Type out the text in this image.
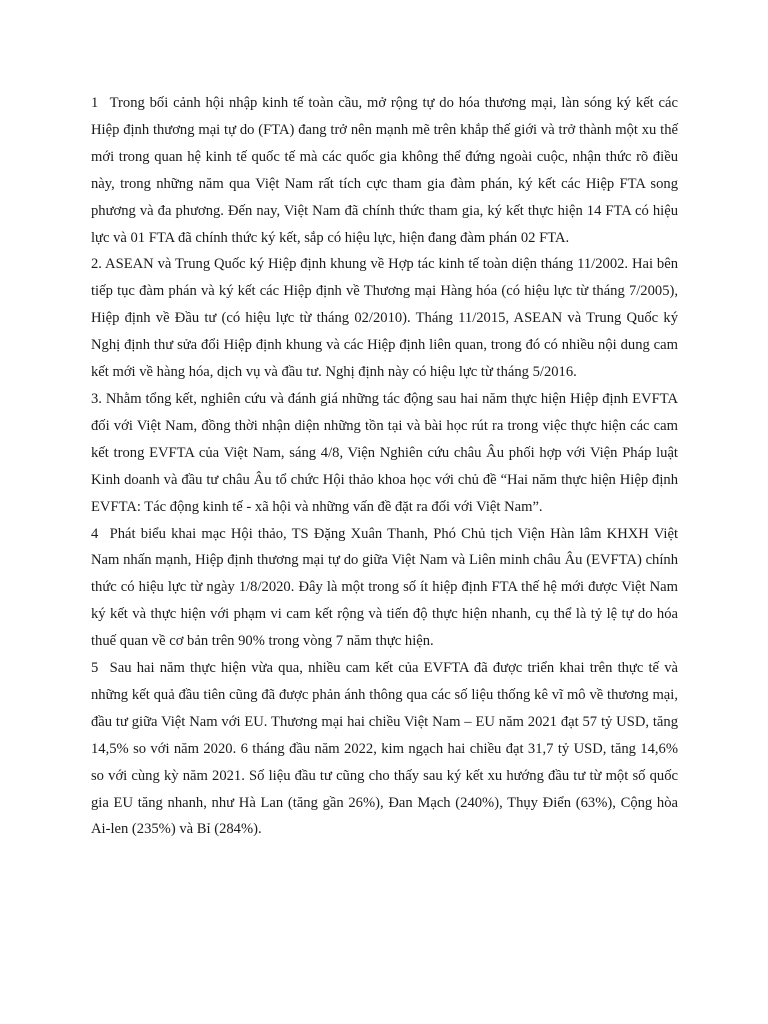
1 Trong bối cảnh hội nhập kinh tế toàn cầu, mở rộng tự do hóa thương mại, làn sóng ký kết các Hiệp định thương mại tự do (FTA) đang trở nên mạnh mẽ trên khắp thế giới và trở thành một xu thế mới trong quan hệ kinh tế quốc tế mà các quốc gia không thể đứng ngoài cuộc, nhận thức rõ điều này, trong những năm qua Việt Nam rất tích cực tham gia đàm phán, ký kết các Hiệp FTA song phương và đa phương. Đến nay, Việt Nam đã chính thức tham gia, ký kết thực hiện 14 FTA có hiệu lực và 01 FTA đã chính thức ký kết, sắp có hiệu lực, hiện đang đàm phán 02 FTA.

2. ASEAN và Trung Quốc ký Hiệp định khung về Hợp tác kinh tế toàn diện tháng 11/2002. Hai bên tiếp tục đàm phán và ký kết các Hiệp định về Thương mại Hàng hóa (có hiệu lực từ tháng 7/2005), Hiệp định về Đầu tư (có hiệu lực từ tháng 02/2010). Tháng 11/2015, ASEAN và Trung Quốc ký Nghị định thư sửa đổi Hiệp định khung và các Hiệp định liên quan, trong đó có nhiều nội dung cam kết mới về hàng hóa, dịch vụ và đầu tư. Nghị định này có hiệu lực từ tháng 5/2016.

3. Nhằm tổng kết, nghiên cứu và đánh giá những tác động sau hai năm thực hiện Hiệp định EVFTA đối với Việt Nam, đồng thời nhận diện những tồn tại và bài học rút ra trong việc thực hiện các cam kết trong EVFTA của Việt Nam, sáng 4/8, Viện Nghiên cứu châu Âu phối hợp với Viện Pháp luật Kinh doanh và đầu tư châu Âu tổ chức Hội thảo khoa học với chủ đề “Hai năm thực hiện Hiệp định EVFTA: Tác động kinh tế - xã hội và những vấn đề đặt ra đối với Việt Nam”.

4 Phát biểu khai mạc Hội thảo, TS Đặng Xuân Thanh, Phó Chủ tịch Viện Hàn lâm KHXH Việt Nam nhấn mạnh, Hiệp định thương mại tự do giữa Việt Nam và Liên minh châu Âu (EVFTA) chính thức có hiệu lực từ ngày 1/8/2020. Đây là một trong số ít hiệp định FTA thế hệ mới được Việt Nam ký kết và thực hiện với phạm vi cam kết rộng và tiến độ thực hiện nhanh, cụ thể là tỷ lệ tự do hóa thuế quan về cơ bản trên 90% trong vòng 7 năm thực hiện.

5 Sau hai năm thực hiện vừa qua, nhiều cam kết của EVFTA đã được triển khai trên thực tế và những kết quả đầu tiên cũng đã được phản ánh thông qua các số liệu thống kê vĩ mô về thương mại, đầu tư giữa Việt Nam với EU. Thương mại hai chiều Việt Nam – EU năm 2021 đạt 57 tỷ USD, tăng 14,5% so với năm 2020. 6 tháng đầu năm 2022, kim ngạch hai chiều đạt 31,7 tỷ USD, tăng 14,6% so với cùng kỳ năm 2021. Số liệu đầu tư cũng cho thấy sau ký kết xu hướng đầu tư từ một số quốc gia EU tăng nhanh, như Hà Lan (tăng gần 26%), Đan Mạch (240%), Thụy Điển (63%), Cộng hòa Ai-len (235%) và Bỉ (284%).
